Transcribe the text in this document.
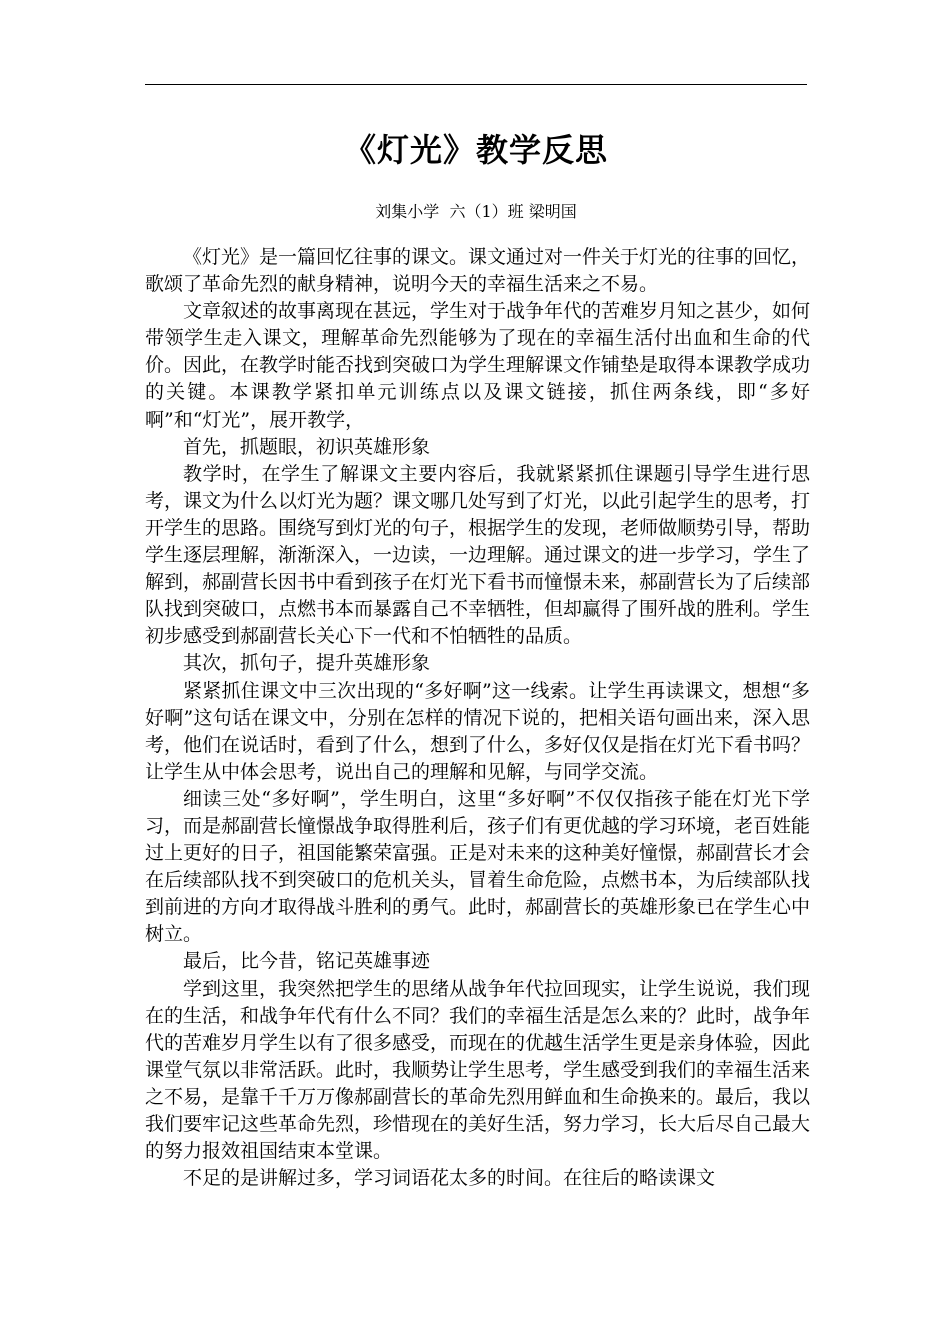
《灯光》教学反思
刘集小学  六（1）班 梁明国

《灯光》是一篇回忆往事的课文。课文通过对一件关于灯光的往事的回忆，歌颂了革命先烈的献身精神，说明今天的幸福生活来之不易。

文章叙述的故事离现在甚远，学生对于战争年代的苦难岁月知之甚少，如何带领学生走入课文，理解革命先烈能够为了现在的幸福生活付出血和生命的代价。因此，在教学时能否找到突破口为学生理解课文作铺垫是取得本课教学成功的关键。本课教学紧扣单元训练点以及课文链接，抓住两条线，即“多好啊”和“灯光”，展开教学，

首先，抓题眼，初识英雄形象

教学时，在学生了解课文主要内容后，我就紧紧抓住课题引导学生进行思考，课文为什么以灯光为题？课文哪几处写到了灯光，以此引起学生的思考，打开学生的思路。围绕写到灯光的句子，根据学生的发现，老师做顺势引导，帮助学生逐层理解，渐渐深入，一边读，一边理解。通过课文的进一步学习，学生了解到，郝副营长因书中看到孩子在灯光下看书而憧憬未来，郝副营长为了后续部队找到突破口，点燃书本而暴露自己不幸牺牲，但却赢得了围歼战的胜利。学生初步感受到郝副营长关心下一代和不怕牺牲的品质。

其次，抓句子，提升英雄形象

紧紧抓住课文中三次出现的“多好啊”这一线索。让学生再读课文，想想“多好啊”这句话在课文中，分别在怎样的情况下说的，把相关语句画出来，深入思考，他们在说话时，看到了什么，想到了什么，多好仅仅是指在灯光下看书吗？让学生从中体会思考，说出自己的理解和见解，与同学交流。

细读三处“多好啊”，学生明白，这里“多好啊”不仅仅指孩子能在灯光下学习，而是郝副营长憧憬战争取得胜利后，孩子们有更优越的学习环境，老百姓能过上更好的日子，祖国能繁荣富强。正是对未来的这种美好憧憬，郝副营长才会在后续部队找不到突破口的危机关头，冒着生命危险，点燃书本，为后续部队找到前进的方向才取得战斗胜利的勇气。此时，郝副营长的英雄形象已在学生心中树立。

最后，比今昔，铭记英雄事迹

学到这里，我突然把学生的思绪从战争年代拉回现实，让学生说说，我们现在的生活，和战争年代有什么不同？我们的幸福生活是怎么来的？此时，战争年代的苦难岁月学生以有了很多感受，而现在的优越生活学生更是亲身体验，因此课堂气氛以非常活跃。此时，我顺势让学生思考，学生感受到我们的幸福生活来之不易，是靠千千万万像郝副营长的革命先烈用鲜血和生命换来的。最后，我以我们要牢记这些革命先烈，珍惜现在的美好生活，努力学习，长大后尽自己最大的努力报效祖国结束本堂课。

不足的是讲解过多，学习词语花太多的时间。在往后的略读课文
